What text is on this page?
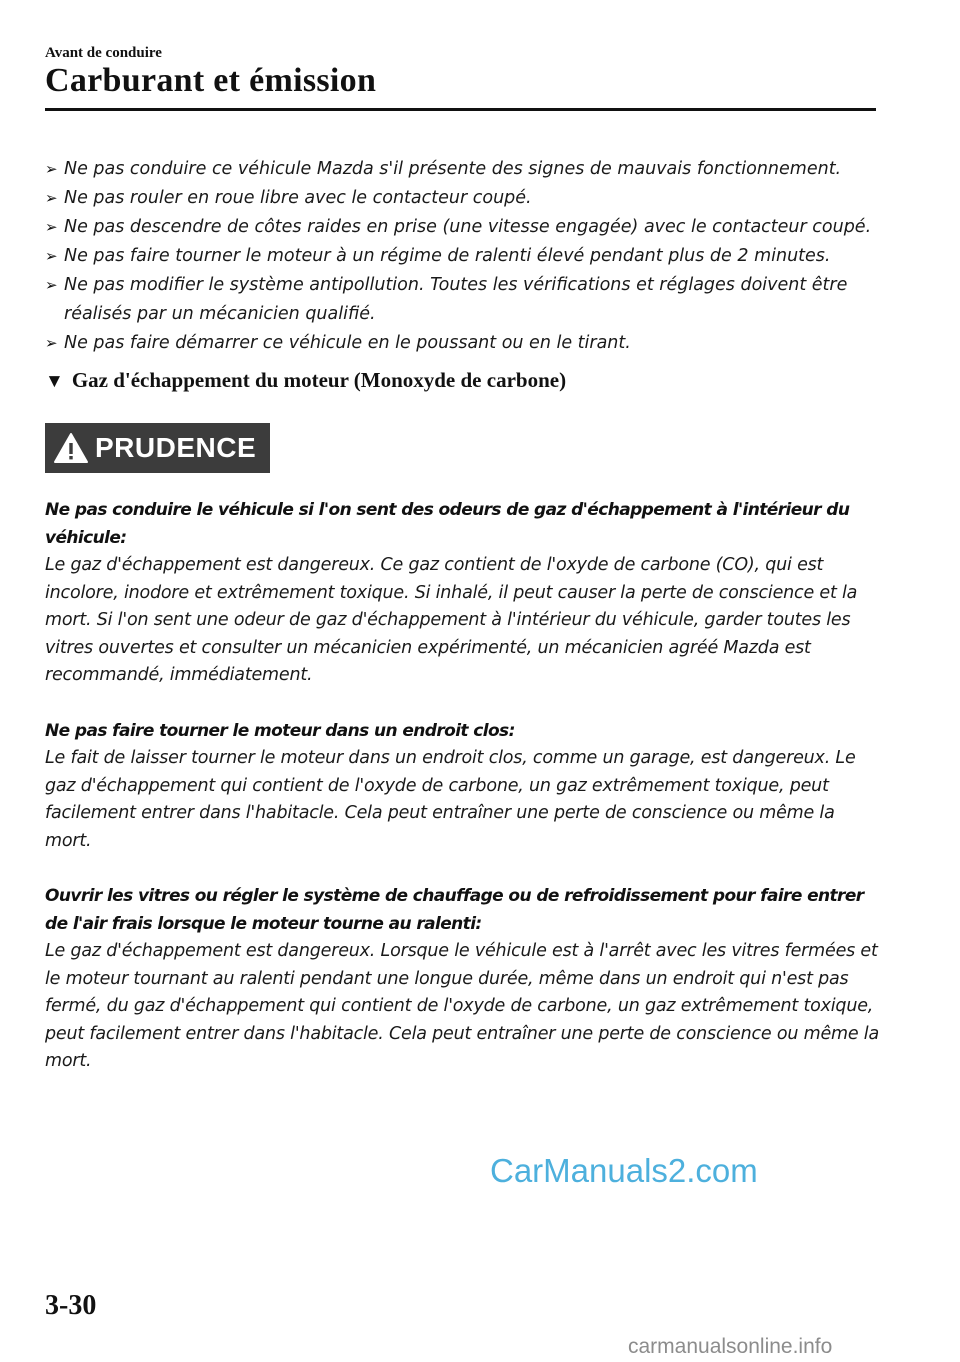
Avant de conduire
Carburant et émission
➢ Ne pas conduire ce véhicule Mazda s'il présente des signes de mauvais fonctionnement.
➢ Ne pas rouler en roue libre avec le contacteur coupé.
➢ Ne pas descendre de côtes raides en prise (une vitesse engagée) avec le contacteur coupé.
➢ Ne pas faire tourner le moteur à un régime de ralenti élevé pendant plus de 2 minutes.
➢ Ne pas modifier le système antipollution. Toutes les vérifications et réglages doivent être réalisés par un mécanicien qualifié.
➢ Ne pas faire démarrer ce véhicule en le poussant ou en le tirant.
▼ Gaz d'échappement du moteur (Monoxyde de carbone)
PRUDENCE
Ne pas conduire le véhicule si l'on sent des odeurs de gaz d'échappement à l'intérieur du véhicule:
Le gaz d'échappement est dangereux. Ce gaz contient de l'oxyde de carbone (CO), qui est incolore, inodore et extrêmement toxique. Si inhalé, il peut causer la perte de conscience et la mort. Si l'on sent une odeur de gaz d'échappement à l'intérieur du véhicule, garder toutes les vitres ouvertes et consulter un mécanicien expérimenté, un mécanicien agréé Mazda est recommandé, immédiatement.
Ne pas faire tourner le moteur dans un endroit clos:
Le fait de laisser tourner le moteur dans un endroit clos, comme un garage, est dangereux. Le gaz d'échappement qui contient de l'oxyde de carbone, un gaz extrêmement toxique, peut facilement entrer dans l'habitacle. Cela peut entraîner une perte de conscience ou même la mort.
Ouvrir les vitres ou régler le système de chauffage ou de refroidissement pour faire entrer de l'air frais lorsque le moteur tourne au ralenti:
Le gaz d'échappement est dangereux. Lorsque le véhicule est à l'arrêt avec les vitres fermées et le moteur tournant au ralenti pendant une longue durée, même dans un endroit qui n'est pas fermé, du gaz d'échappement qui contient de l'oxyde de carbone, un gaz extrêmement toxique, peut facilement entrer dans l'habitacle. Cela peut entraîner une perte de conscience ou même la mort.
CarManuals2.com
3-30
carmanualsonline.info
